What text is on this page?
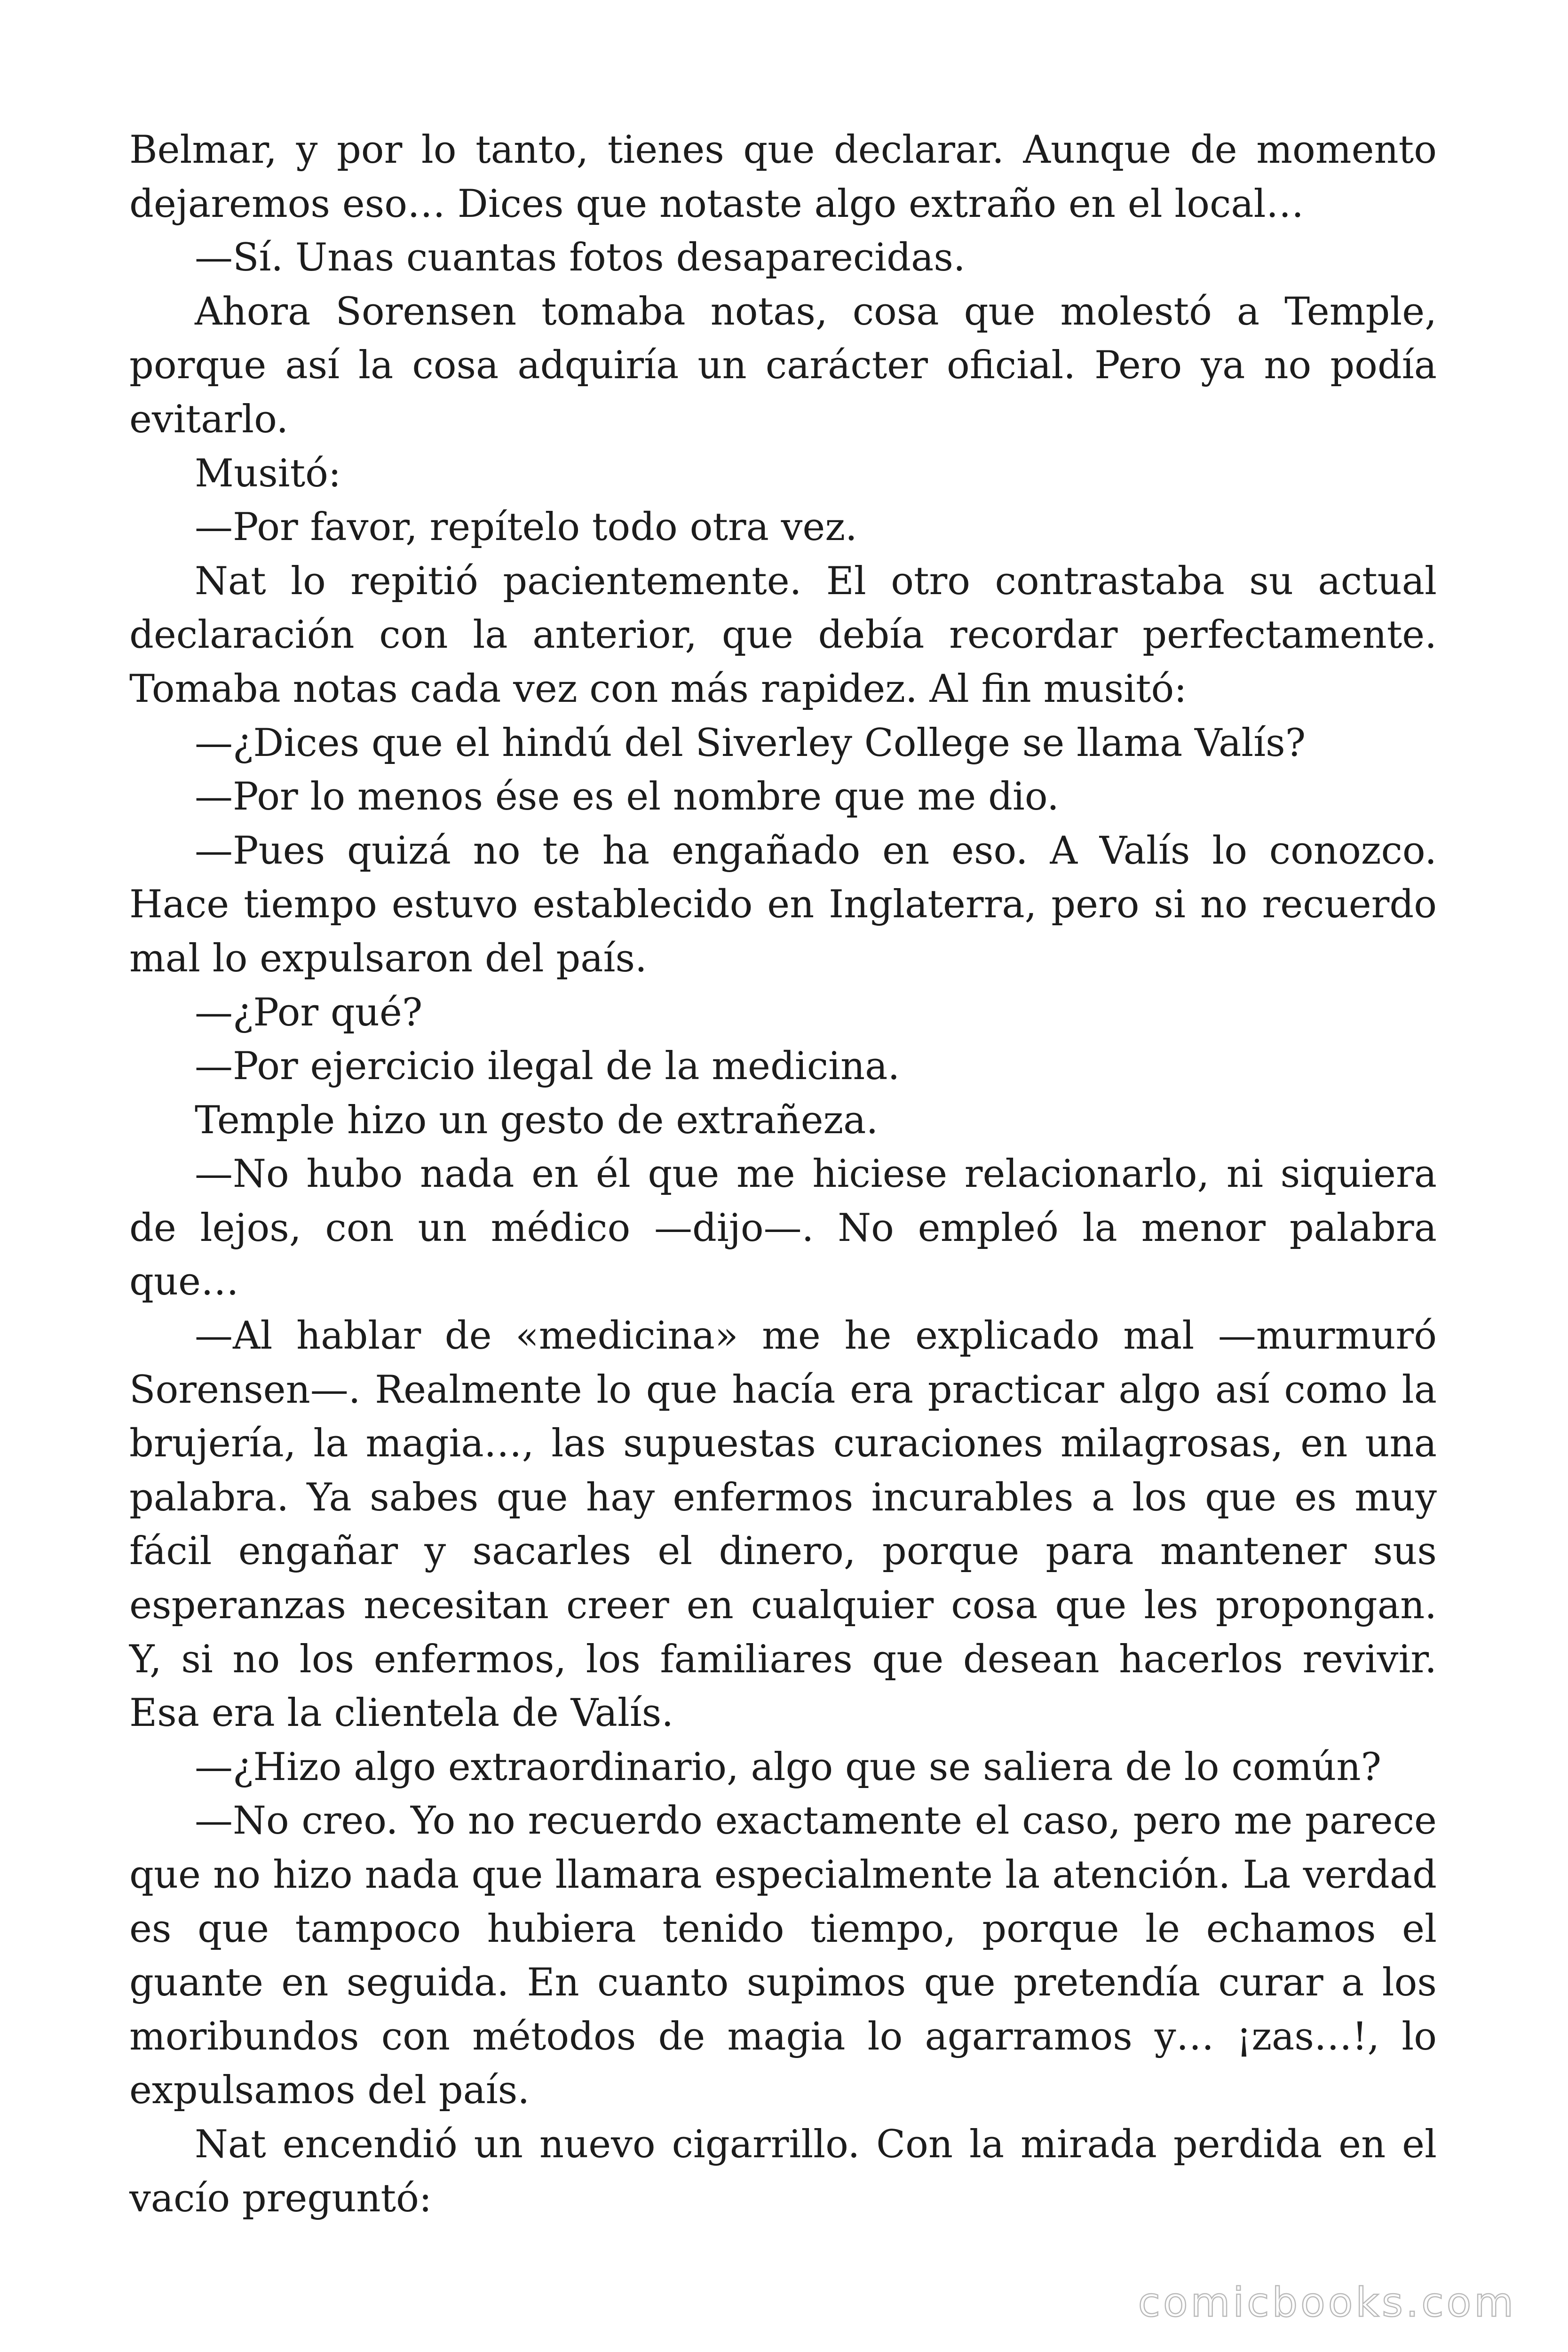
Belmar, y por lo tanto, tienes que declarar. Aunque de momento dejaremos eso… Dices que notaste algo extraño en el local…

—Sí. Unas cuantas fotos desaparecidas.

Ahora Sorensen tomaba notas, cosa que molestó a Temple, porque así la cosa adquiría un carácter oficial. Pero ya no podía evitarlo.

Musitó:

—Por favor, repítelo todo otra vez.

Nat lo repitió pacientemente. El otro contrastaba su actual declaración con la anterior, que debía recordar perfectamente. Tomaba notas cada vez con más rapidez. Al fin musitó:

—¿Dices que el hindú del Siverley College se llama Valís?

—Por lo menos ése es el nombre que me dio.

—Pues quizá no te ha engañado en eso. A Valís lo conozco. Hace tiempo estuvo establecido en Inglaterra, pero si no recuerdo mal lo expulsaron del país.

—¿Por qué?

—Por ejercicio ilegal de la medicina.

Temple hizo un gesto de extrañeza.

—No hubo nada en él que me hiciese relacionarlo, ni siquiera de lejos, con un médico —dijo—. No empleó la menor palabra que…

—Al hablar de «medicina» me he explicado mal —murmuró Sorensen—. Realmente lo que hacía era practicar algo así como la brujería, la magia…, las supuestas curaciones milagrosas, en una palabra. Ya sabes que hay enfermos incurables a los que es muy fácil engañar y sacarles el dinero, porque para mantener sus esperanzas necesitan creer en cualquier cosa que les propongan. Y, si no los enfermos, los familiares que desean hacerlos revivir. Esa era la clientela de Valís.

—¿Hizo algo extraordinario, algo que se saliera de lo común?

—No creo. Yo no recuerdo exactamente el caso, pero me parece que no hizo nada que llamara especialmente la atención. La verdad es que tampoco hubiera tenido tiempo, porque le echamos el guante en seguida. En cuanto supimos que pretendía curar a los moribundos con métodos de magia lo agarramos y… ¡zas…!, lo expulsamos del país.

Nat encendió un nuevo cigarrillo. Con la mirada perdida en el vacío preguntó:

comicbooks.com
